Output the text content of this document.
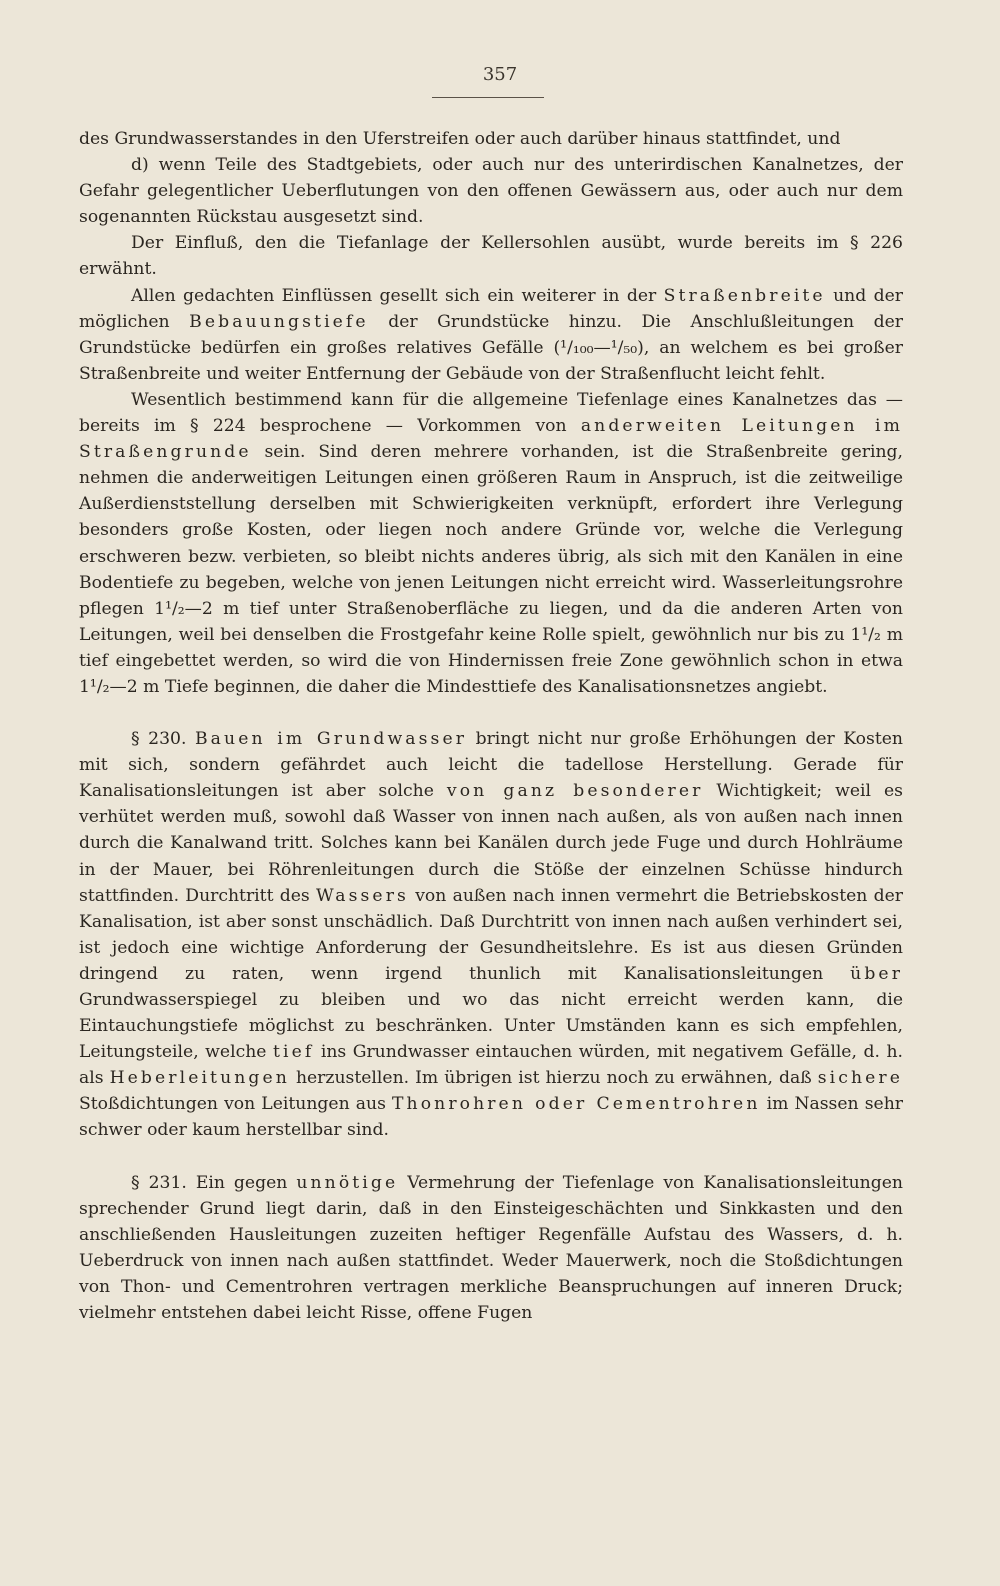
357

des Grundwasserstandes in den Uferstreifen oder auch darüber hinaus stattfindet, und

d) wenn Teile des Stadtgebiets, oder auch nur des unterirdischen Kanalnetzes, der Gefahr gelegentlicher Ueberflutungen von den offenen Gewässern aus, oder auch nur dem sogenannten Rückstau ausgesetzt sind.

Der Einfluß, den die Tiefanlage der Kellersohlen ausübt, wurde bereits im § 226 erwähnt.

Allen gedachten Einflüssen gesellt sich ein weiterer in der Straßenbreite und der möglichen Bebauungstiefe der Grundstücke hinzu. Die Anschlußleitungen der Grundstücke bedürfen ein großes relatives Gefälle (¹/₁₀₀—¹/₅₀), an welchem es bei großer Straßenbreite und weiter Entfernung der Gebäude von der Straßenflucht leicht fehlt.

Wesentlich bestimmend kann für die allgemeine Tiefenlage eines Kanalnetzes das — bereits im § 224 besprochene — Vorkommen von anderweiten Leitungen im Straßengrunde sein. Sind deren mehrere vorhanden, ist die Straßenbreite gering, nehmen die anderweitigen Leitungen einen größeren Raum in Anspruch, ist die zeitweilige Außerdienststellung derselben mit Schwierigkeiten verknüpft, erfordert ihre Verlegung besonders große Kosten, oder liegen noch andere Gründe vor, welche die Verlegung erschweren bezw. verbieten, so bleibt nichts anderes übrig, als sich mit den Kanälen in eine Bodentiefe zu begeben, welche von jenen Leitungen nicht erreicht wird. Wasserleitungsrohre pflegen 1¹/₂—2 m tief unter Straßenoberfläche zu liegen, und da die anderen Arten von Leitungen, weil bei denselben die Frostgefahr keine Rolle spielt, gewöhnlich nur bis zu 1¹/₂ m tief eingebettet werden, so wird die von Hindernissen freie Zone gewöhnlich schon in etwa 1¹/₂—2 m Tiefe beginnen, die daher die Mindesttiefe des Kanalisationsnetzes angiebt.

§ 230. Bauen im Grundwasser bringt nicht nur große Erhöhungen der Kosten mit sich, sondern gefährdet auch leicht die tadellose Herstellung. Gerade für Kanalisationsleitungen ist aber solche von ganz besonderer Wichtigkeit; weil es verhütet werden muß, sowohl daß Wasser von innen nach außen, als von außen nach innen durch die Kanalwand tritt. Solches kann bei Kanälen durch jede Fuge und durch Hohlräume in der Mauer, bei Röhrenleitungen durch die Stöße der einzelnen Schüsse hindurch stattfinden. Durchtritt des Wassers von außen nach innen vermehrt die Betriebskosten der Kanalisation, ist aber sonst unschädlich. Daß Durchtritt von innen nach außen verhindert sei, ist jedoch eine wichtige Anforderung der Gesundheitslehre. Es ist aus diesen Gründen dringend zu raten, wenn irgend thunlich mit Kanalisationsleitungen über Grundwasserspiegel zu bleiben und wo das nicht erreicht werden kann, die Eintauchungstiefe möglichst zu beschränken. Unter Umständen kann es sich empfehlen, Leitungsteile, welche tief ins Grundwasser eintauchen würden, mit negativem Gefälle, d. h. als Heberleitungen herzustellen. Im übrigen ist hierzu noch zu erwähnen, daß sichere Stoßdichtungen von Leitungen aus Thonrohren oder Cementrohren im Nassen sehr schwer oder kaum herstellbar sind.

§ 231. Ein gegen unnötige Vermehrung der Tiefenlage von Kanalisationsleitungen sprechender Grund liegt darin, daß in den Einsteigeschächten und Sinkkasten und den anschließenden Hausleitungen zuzeiten heftiger Regenfälle Aufstau des Wassers, d. h. Ueberdruck von innen nach außen stattfindet. Weder Mauerwerk, noch die Stoßdichtungen von Thon- und Cementrohren vertragen merkliche Beanspruchungen auf inneren Druck; vielmehr entstehen dabei leicht Risse, offene Fugen
